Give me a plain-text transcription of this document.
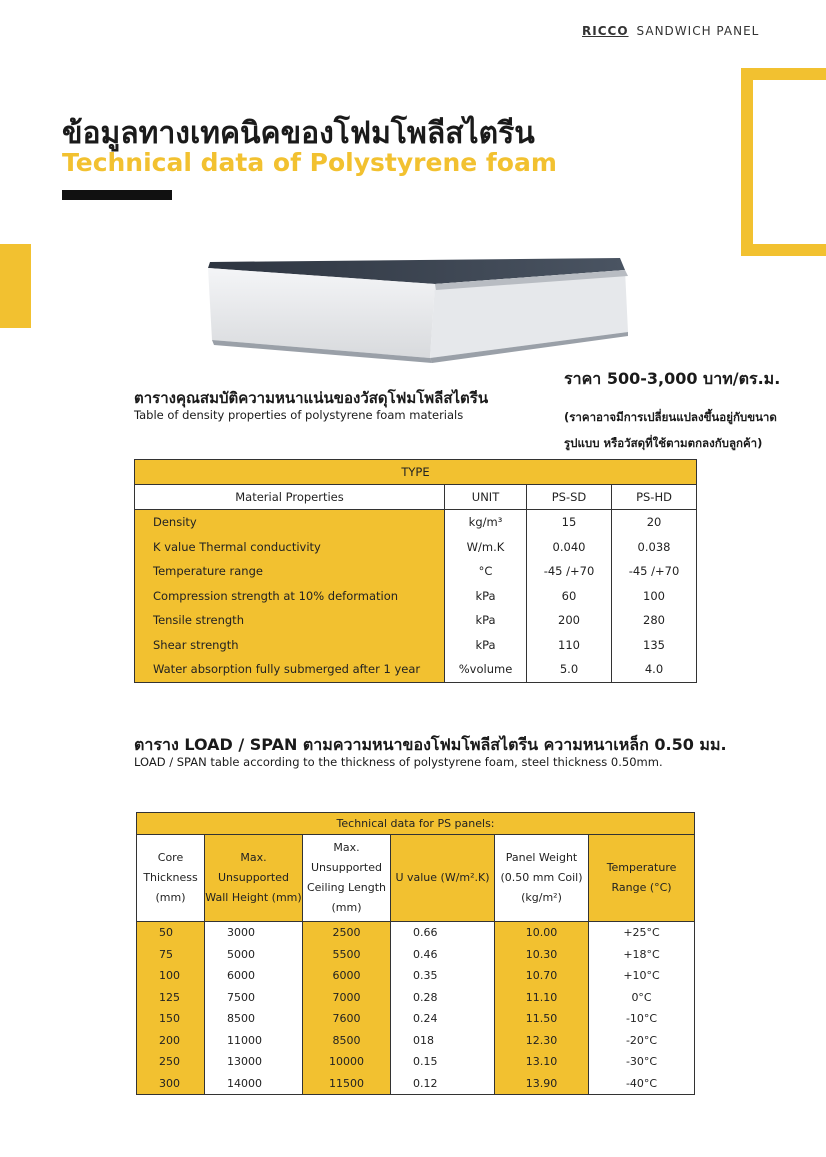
RICCO SANDWICH PANEL
ข้อมูลทางเทคนิคของโฟมโพลีสไตรีน
Technical data of Polystyrene foam
ราคา 500-3,000 บาท/ตร.ม.
(ราคาอาจมีการเปลี่ยนแปลงขึ้นอยู่กับขนาด
รูปแบบ หรือวัสดุที่ใช้ตามตกลงกับลูกค้า)
ตารางคุณสมบัติความหนาแน่นของวัสดุโฟมโพลีสไตรีน
Table of density properties of polystyrene foam materials
TYPE			
Material Properties	UNIT	PS-SD	PS-HD
Density	kg/m³	15	20
K value Thermal conductivity	W/m.K	0.040	0.038
Temperature range	°C	-45 /+70	-45 /+70
Compression strength at 10% deformation	kPa	60	100
Tensile strength	kPa	200	280
Shear strength	kPa	110	135
Water absorption fully submerged after 1 year	%volume	5.0	4.0
ตาราง LOAD / SPAN ตามความหนาของโฟมโพลีสไตรีน ความหนาเหล็ก 0.50 มม.
LOAD / SPAN table according to the thickness of polystyrene foam, steel thickness 0.50mm.
Technical data for PS panels:					
Core Thickness (mm)	Max. Unsupported Wall Height (mm)	Max. Unsupported Ceiling Length (mm)	U value (W/m².K)	Panel Weight (0.50 mm Coil) (kg/m²)	Temperature Range (°C)
50	3000	2500	0.66	10.00	+25°C
75	5000	5500	0.46	10.30	+18°C
100	6000	6000	0.35	10.70	+10°C
125	7500	7000	0.28	11.10	0°C
150	8500	7600	0.24	11.50	-10°C
200	11000	8500	018	12.30	-20°C
250	13000	10000	0.15	13.10	-30°C
300	14000	11500	0.12	13.90	-40°C
